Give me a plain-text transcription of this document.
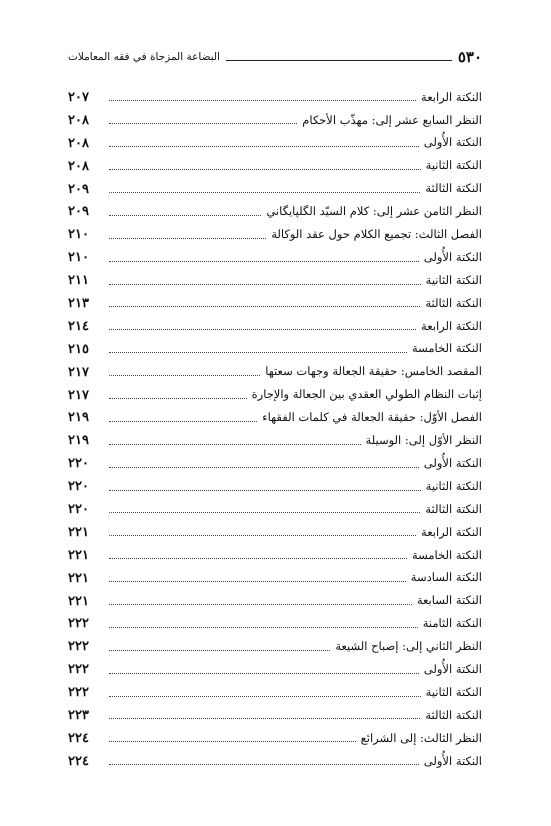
٥٣٠
البضاعة المزجاة في فقه المعاملات
النكتة الرابعة
٢٠٧
النظر السابع عشر إلى: مهذّب الأحكام
٢٠٨
النكتة الأُولى
٢٠٨
النكتة الثانية
٢٠٨
النكتة الثالثة
٢٠٩
النظر الثامن عشر إلى: كلام السيّد الگلپايگاني
٢٠٩
الفصل الثالث: تجميع الكلام حول عقد الوكالة
٢١٠
النكتة الأُولى
٢١٠
النكتة الثانية
٢١١
النكتة الثالثة
٢١٣
النكتة الرابعة
٢١٤
النكتة الخامسة
٢١٥
المقصد الخامس: حقيقة الجعالة وجهات سعتها
٢١٧
إثبات النظام الطولي العقدي بين الجعالة والإجارة
٢١٧
الفصل الأوّل: حقيقة الجعالة في كلمات الفقهاء
٢١٩
النظر الأوّل إلى: الوسيلة
٢١٩
النكتة الأُولى
٢٢٠
النكتة الثانية
٢٢٠
النكتة الثالثة
٢٢٠
النكتة الرابعة
٢٢١
النكتة الخامسة
٢٢١
النكتة السادسة
٢٢١
النكتة السابعة
٢٢١
النكتة الثامنة
٢٢٢
النظر الثاني إلى: إصباح الشيعة
٢٢٢
النكتة الأُولى
٢٢٢
النكتة الثانية
٢٢٢
النكتة الثالثة
٢٢٣
النظر الثالث: إلى الشرائع
٢٢٤
النكتة الأُولى
٢٢٤
